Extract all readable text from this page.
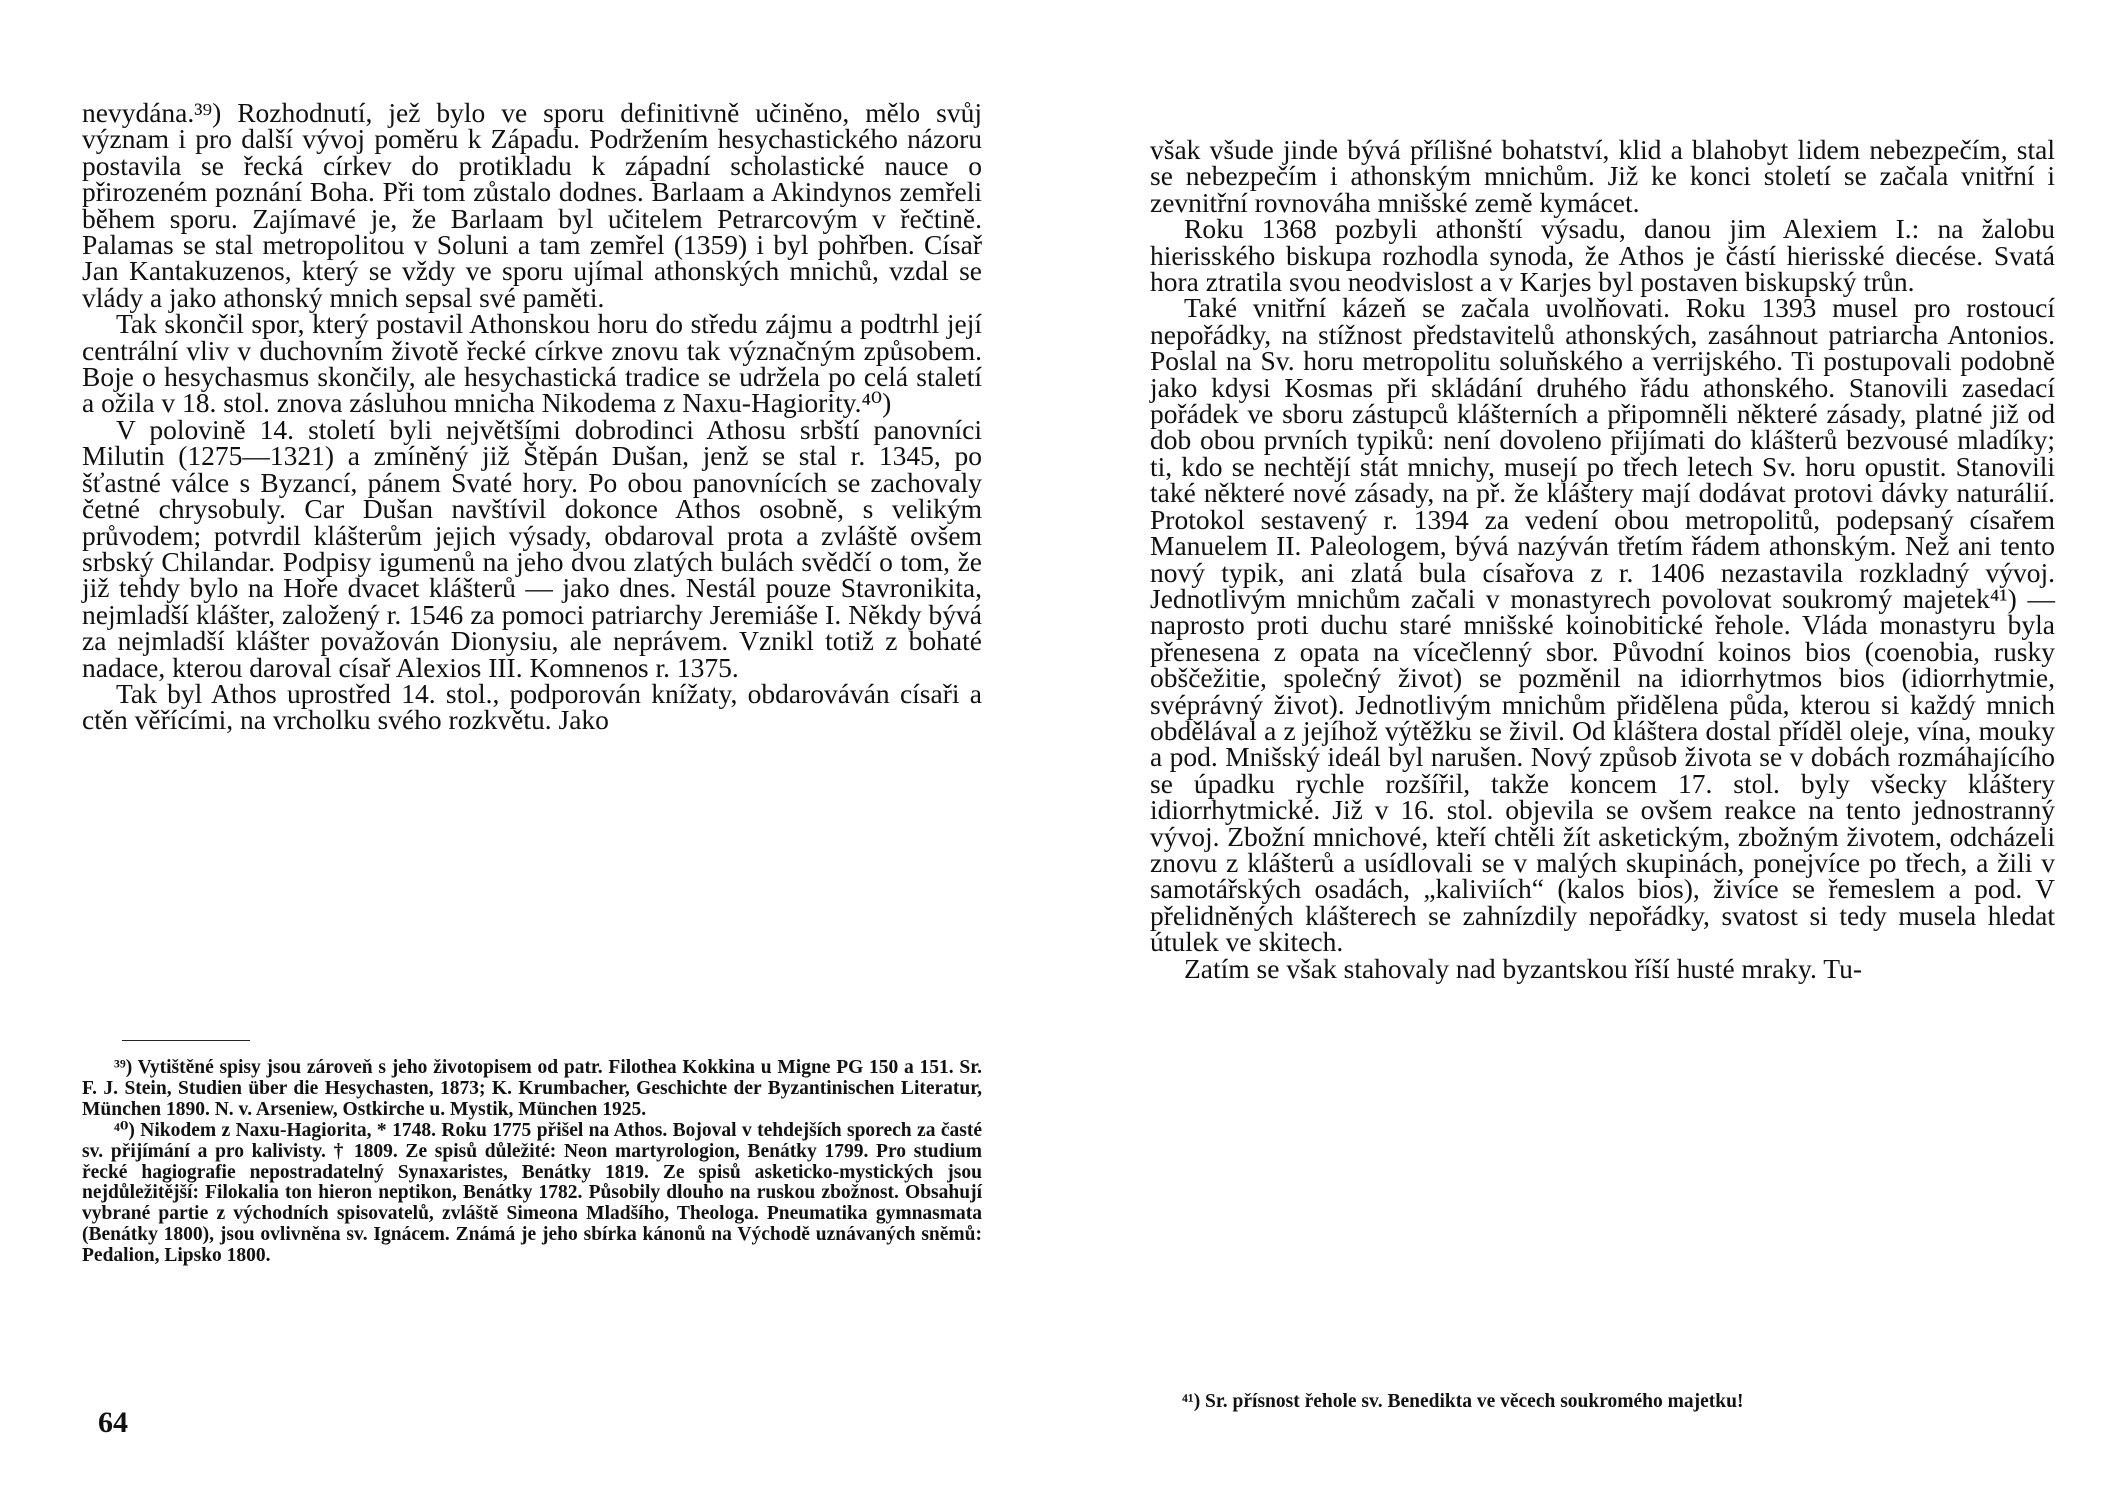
nevydána.³⁹) Rozhodnutí, jež bylo ve sporu definitivně učiněno, mělo svůj význam i pro další vývoj poměru k Západu. Podržením hesychastického názoru postavila se řecká církev do protikladu k západní scholastické nauce o přirozeném poznání Boha. Při tom zůstalo dodnes. Barlaam a Akindynos zemřeli během sporu. Zajímavé je, že Barlaam byl učitelem Petrarcovým v řečtině. Palamas se stal metropolitou v Soluni a tam zemřel (1359) i byl pohřben. Císař Jan Kantakuzenos, který se vždy ve sporu ujímal athonských mnichů, vzdal se vlády a jako athonský mnich sepsal své paměti.

Tak skončil spor, který postavil Athonskou horu do středu zájmu a podtrhl její centrální vliv v duchovním životě řecké církve znovu tak význačným způsobem. Boje o hesychasmus skončily, ale hesychastická tradice se udržela po celá staletí a ožila v 18. stol. znova zásluhou mnicha Nikodema z Naxu-Hagiority.⁴⁰)

V polovině 14. století byli největšími dobrodinci Athosu srbští panovníci Milutin (1275—1321) a zmíněný již Štěpán Dušan, jenž se stal r. 1345, po šťastné válce s Byzancí, pánem Svaté hory. Po obou panovnících se zachovaly četné chrysobuly. Car Dušan navštívil dokonce Athos osobně, s velikým průvodem; potvrdil klášterům jejich výsady, obdaroval prota a zvláště ovšem srbský Chilandar. Podpisy igumenů na jeho dvou zlatých bulách svědčí o tom, že již tehdy bylo na Hoře dvacet klášterů — jako dnes. Nestál pouze Stavronikita, nejmladší klášter, založený r. 1546 za pomoci patriarchy Jeremiáše I. Někdy bývá za nejmladší klášter považován Dionysiu, ale neprávem. Vznikl totiž z bohaté nadace, kterou daroval císař Alexios III. Komnenos r. 1375.

Tak byl Athos uprostřed 14. stol., podporován knížaty, obdarováván císaři a ctěn věřícími, na vrcholku svého rozkvětu. Jako

³⁹) Vytištěné spisy jsou zároveň s jeho životopisem od patr. Filothea Kokkina u Migne PG 150 a 151. Sr. F. J. Stein, Studien über die Hesychasten, 1873; K. Krumbacher, Geschichte der Byzantinischen Literatur, München 1890. N. v. Arseniew, Ostkirche u. Mystik, München 1925.

⁴⁰) Nikodem z Naxu-Hagiorita, * 1748. Roku 1775 přišel na Athos. Bojoval v tehdejších sporech za časté sv. přijímání a pro kalivisty. † 1809. Ze spisů důležité: Neon martyrologion, Benátky 1799. Pro studium řecké hagiografie nepostradatelný Synaxaristes, Benátky 1819. Ze spisů asketicko-mystických jsou nejdůležitější: Filokalia ton hieron neptikon, Benátky 1782. Působily dlouho na ruskou zbožnost. Obsahují vybrané partie z východních spisovatelů, zvláště Simeona Mladšího, Theologa. Pneumatika gymnasmata (Benátky 1800), jsou ovlivněna sv. Ignácem. Známá je jeho sbírka kánonů na Východě uznávaných sněmů: Pedalion, Lipsko 1800.

64

však všude jinde bývá přílišné bohatství, klid a blahobyt lidem nebezpečím, stal se nebezpečím i athonským mnichům. Již ke konci století se začala vnitřní i zevnitřní rovnováha mnišské země kymácet.

Roku 1368 pozbyli athonští výsadu, danou jim Alexiem I.: na žalobu hierisského biskupa rozhodla synoda, že Athos je částí hierisské diecése. Svatá hora ztratila svou neodvislost a v Karjes byl postaven biskupský trůn.

Také vnitřní kázeň se začala uvolňovati. Roku 1393 musel pro rostoucí nepořádky, na stížnost představitelů athonských, zasáhnout patriarcha Antonios. Poslal na Sv. horu metropolitu soluňského a verrijského. Ti postupovali podobně jako kdysi Kosmas při skládání druhého řádu athonského. Stanovili zasedací pořádek ve sboru zástupců klášterních a připomněli některé zásady, platné již od dob obou prvních typiků: není dovoleno přijímati do klášterů bezvousé mladíky; ti, kdo se nechtějí stát mnichy, musejí po třech letech Sv. horu opustit. Stanovili také některé nové zásady, na př. že kláštery mají dodávat protovi dávky naturálií. Protokol sestavený r. 1394 za vedení obou metropolitů, podepsaný císařem Manuelem II. Paleologem, bývá nazýván třetím řádem athonským. Než ani tento nový typik, ani zlatá bula císařova z r. 1406 nezastavila rozkladný vývoj. Jednotlivým mnichům začali v monastyrech povolovat soukromý majetek⁴¹) — naprosto proti duchu staré mnišské koinobitické řehole. Vláda monastyru byla přenesena z opata na vícečlenný sbor. Původní koinos bios (coenobia, rusky obščežitie, společný život) se pozměnil na idiorrhytmos bios (idiorrhytmie, svéprávný život). Jednotlivým mnichům přidělena půda, kterou si každý mnich obdělával a z jejíhož výtěžku se živil. Od kláštera dostal příděl oleje, vína, mouky a pod. Mnišský ideál byl narušen. Nový způsob života se v dobách rozmáhajícího se úpadku rychle rozšířil, takže koncem 17. stol. byly všecky kláštery idiorrhytmické. Již v 16. stol. objevila se ovšem reakce na tento jednostranný vývoj. Zbožní mnichové, kteří chtěli žít asketickým, zbožným životem, odcházeli znovu z klášterů a usídlovali se v malých skupinách, ponejvíce po třech, a žili v samotářských osadách, „kaliviích“ (kalos bios), živíce se řemeslem a pod. V přelidněných klášterech se zahnízdily nepořádky, svatost si tedy musela hledat útulek ve skitech.

Zatím se však stahovaly nad byzantskou říší husté mraky. Tu-

⁴¹) Sr. přísnost řehole sv. Benedikta ve věcech soukromého majetku!
